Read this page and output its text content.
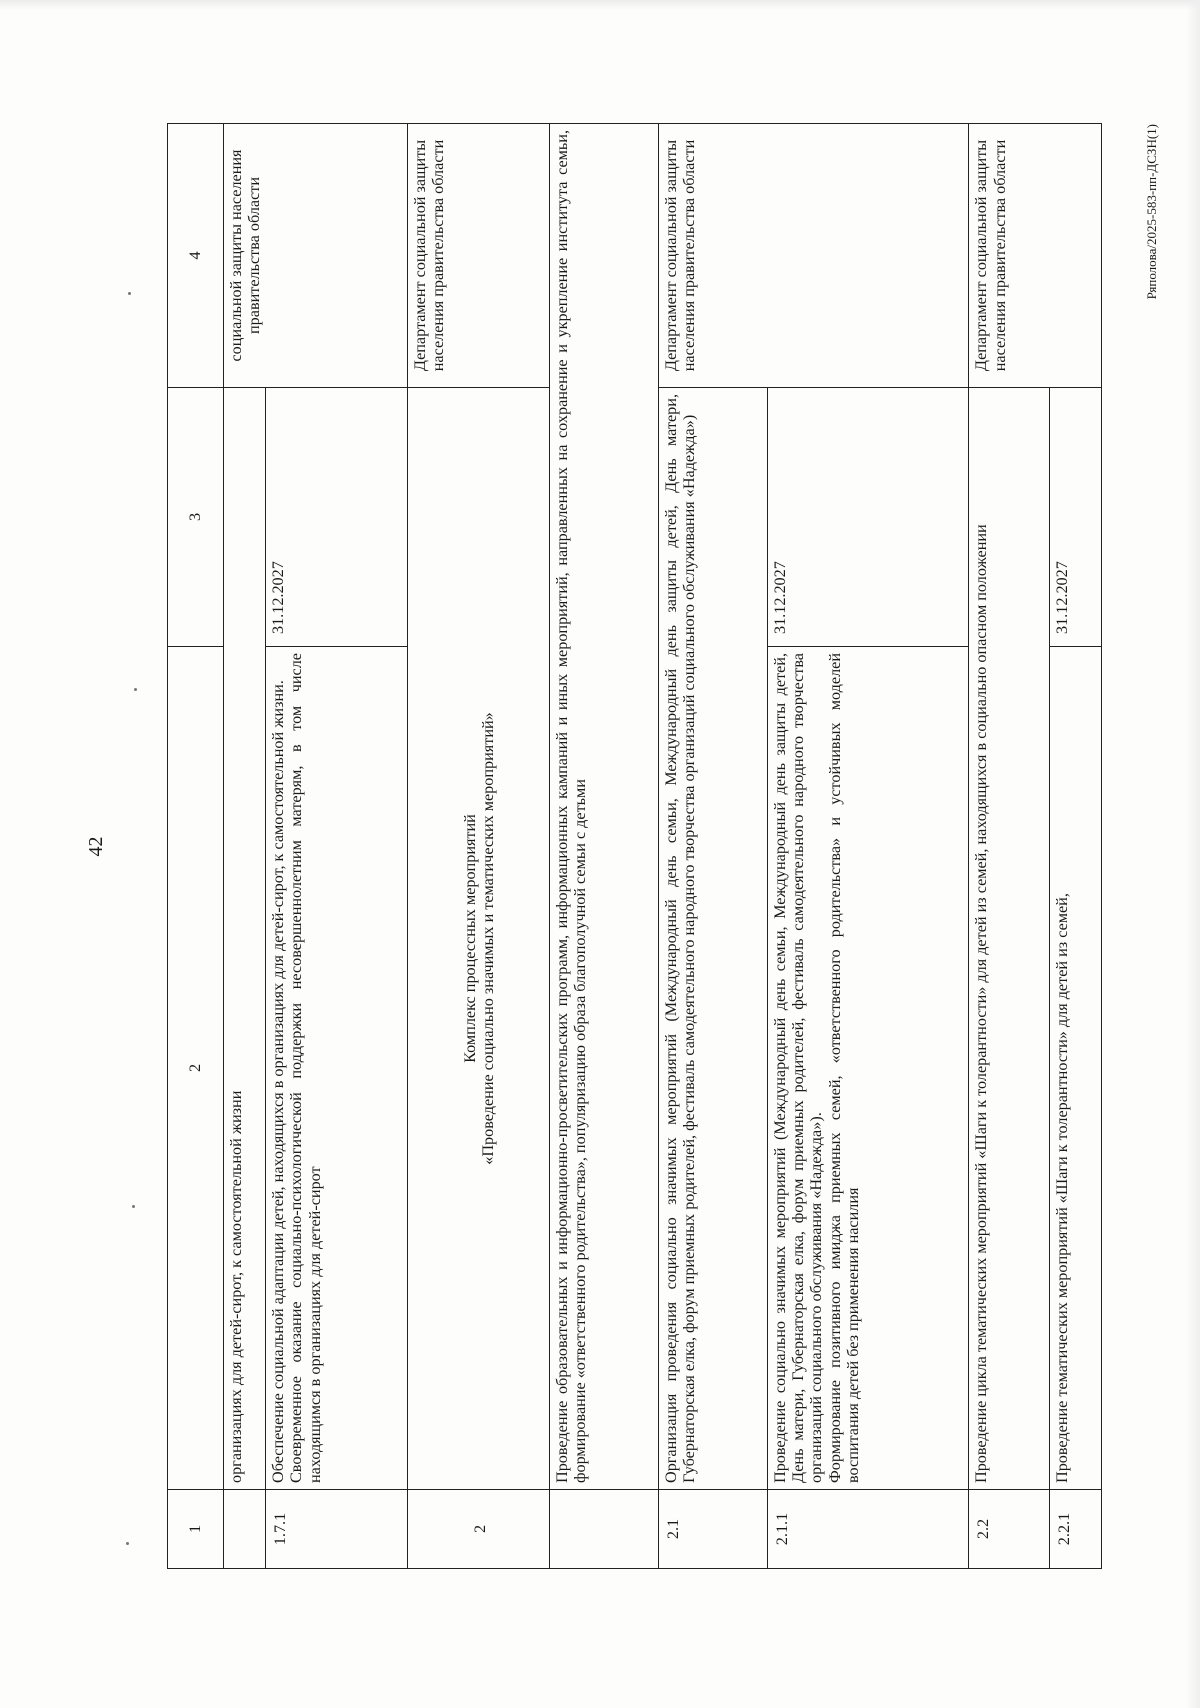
42
1	2	3	4
	организациях для детей-сирот, к самостоятельной жизни		социальной защиты населения правительства области
1.7.1	Обеспечение социальной адаптации детей, находящихся в организациях для детей-сирот, к самостоятельной жизни. Своевременное оказание социально-психологической поддержки несовершеннолетним матерям, в том числе находящимся в организациях для детей-сирот	31.12.2027	
2	Комплекс процессных мероприятий «Проведение социально значимых и тематических мероприятий»		Департамент социальной защиты населения правительства области
	Проведение образовательных и информационно-просветительских программ, информационных кампаний и иных мероприятий, направленных на сохранение и укрепление института семьи, формирование «ответственного родительства», популяризацию образа благополучной семьи с детьми		
2.1	Организация проведения социально значимых мероприятий (Международный день семьи, Международный день защиты детей, День матери, Губернаторская елка, форум приемных родителей, фестиваль самодеятельного народного творчества организаций социального обслуживания «Надежда»)		Департамент социальной защиты населения правительства области
2.1.1	Проведение социально значимых мероприятий (Международный день семьи, Международный день защиты детей, День матери, Губернаторская елка, форум приемных родителей, фестиваль самодеятельного народного творчества организаций социального обслуживания «Надежда»). Формирование позитивного имиджа приемных семей, «ответственного родительства» и устойчивых моделей воспитания детей без применения насилия	31.12.2027	
2.2	Проведение цикла тематических мероприятий «Шаги к толерантности» для детей из семей, находящихся в социально опасном положении		Департамент социальной защиты населения правительства области
2.2.1	Проведение тематических мероприятий «Шаги к толерантности» для детей из семей,	31.12.2027	
Ряполова/2025-583-пп-ДСЗН(1)
